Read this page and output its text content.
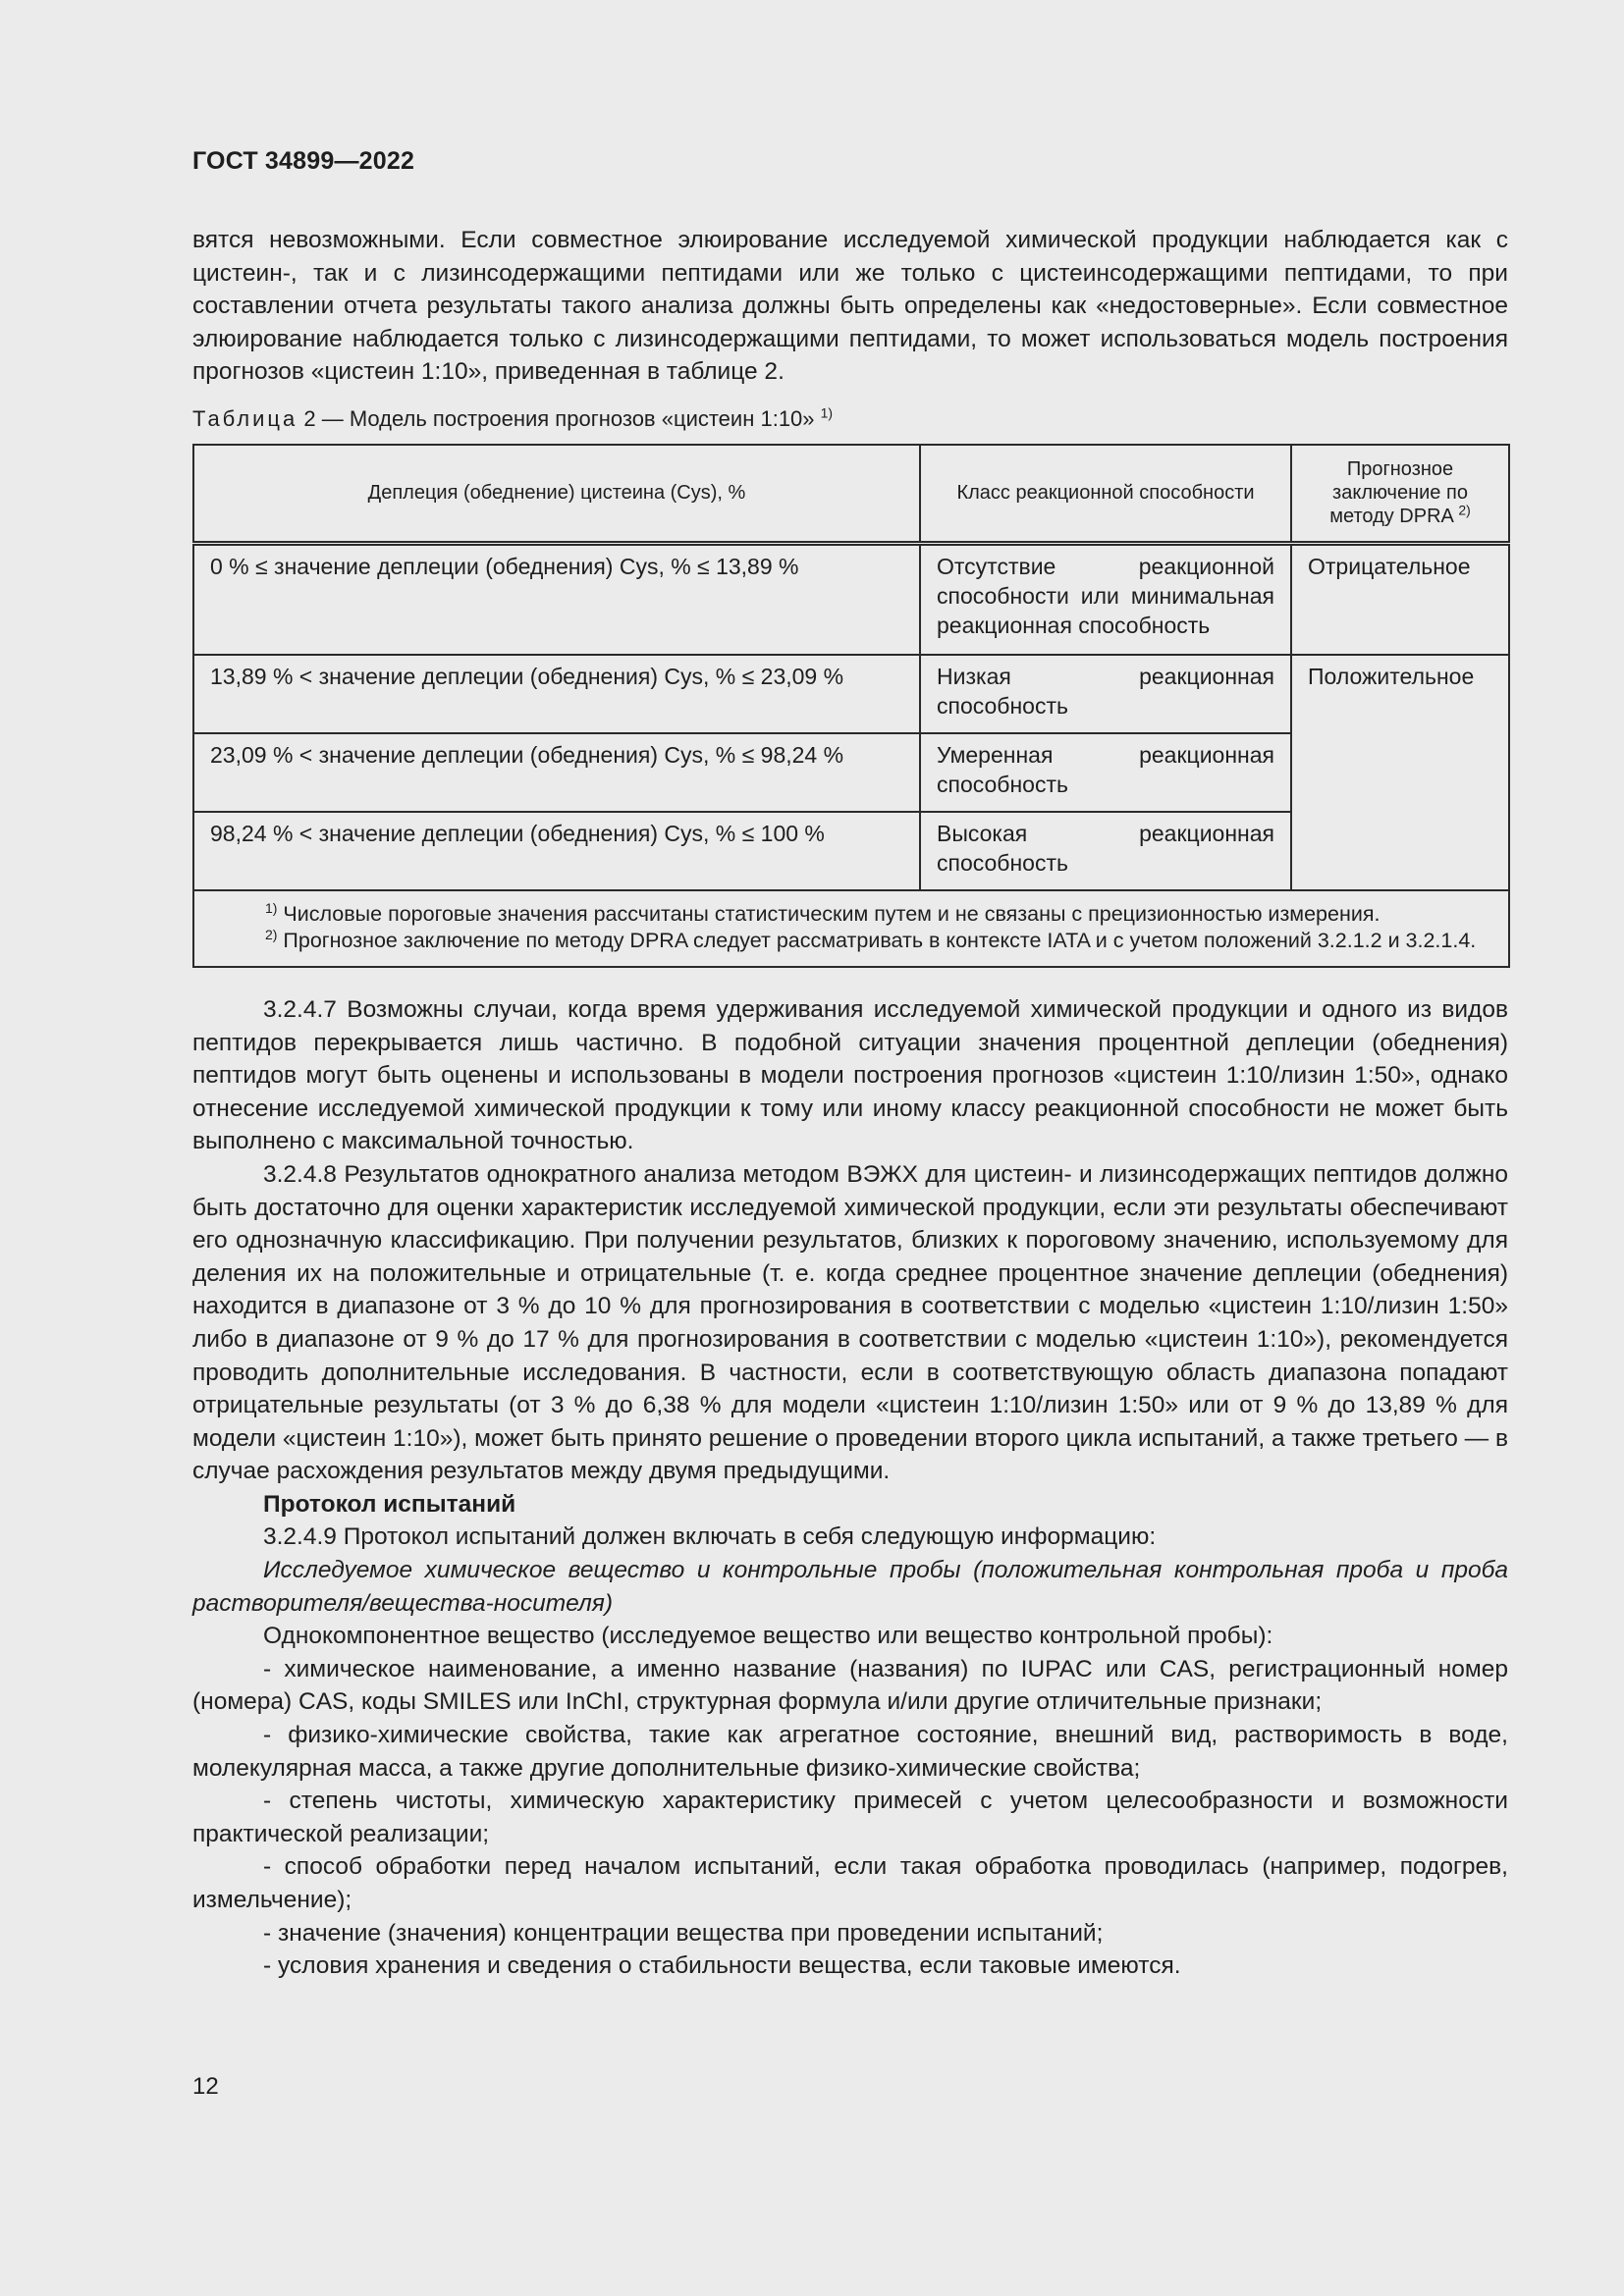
ГОСТ 34899—2022

вятся невозможными. Если совместное элюирование исследуемой химической продукции наблюдается как с цистеин-, так и с лизинсодержащими пептидами или же только с цистеинсодержащими пептидами, то при составлении отчета результаты такого анализа должны быть определены как «недостоверные». Если совместное элюирование наблюдается только с лизинсодержащими пептидами, то может использоваться модель построения прогнозов «цистеин 1:10», приведенная в таблице 2.

Таблица 2 — Модель построения прогнозов «цистеин 1:10» $^{1)}$
Деплеция (обеднение) цистеина (Cys), %	Класс реакционной способности	Прогнозное заключение по методу DPRA $^{2)}$
0 % ≤ значение деплеции (обеднения) Cys, % ≤ 13,89 %	Отсутствие реакционной способности или минимальная реакционная способность	Отрицательное
13,89 % < значение деплеции (обеднения) Cys, % ≤ 23,09 %	Низкая реакционная способность	Положительное
23,09 % < значение деплеции (обеднения) Cys, % ≤ 98,24 %	Умеренная реакционная способность	
98,24 % < значение деплеции (обеднения) Cys, % ≤ 100 %	Высокая реакционная способность	

$^{1)}$ Числовые пороговые значения рассчитаны статистическим путем и не связаны с прецизионностью измерения.
$^{2)}$ Прогнозное заключение по методу DPRA следует рассматривать в контексте IATA и с учетом положений 3.2.1.2 и 3.2.1.4.		

3.2.4.7 Возможны случаи, когда время удерживания исследуемой химической продукции и одного из видов пептидов перекрывается лишь частично. В подобной ситуации значения процентной деплеции (обеднения) пептидов могут быть оценены и использованы в модели построения прогнозов «цистеин 1:10/лизин 1:50», однако отнесение исследуемой химической продукции к тому или иному классу реакционной способности не может быть выполнено с максимальной точностью.

3.2.4.8 Результатов однократного анализа методом ВЭЖХ для цистеин- и лизинсодержащих пептидов должно быть достаточно для оценки характеристик исследуемой химической продукции, если эти результаты обеспечивают его однозначную классификацию. При получении результатов, близких к пороговому значению, используемому для деления их на положительные и отрицательные (т. е. когда среднее процентное значение деплеции (обеднения) находится в диапазоне от 3 % до 10 % для прогнозирования в соответствии с моделью «цистеин 1:10/лизин 1:50» либо в диапазоне от 9 % до 17 % для прогнозирования в соответствии с моделью «цистеин 1:10»), рекомендуется проводить дополнительные исследования. В частности, если в соответствующую область диапазона попадают отрицательные результаты (от 3 % до 6,38 % для модели «цистеин 1:10/лизин 1:50» или от 9 % до 13,89 % для модели «цистеин 1:10»), может быть принято решение о проведении второго цикла испытаний, а также третьего — в случае расхождения результатов между двумя предыдущими.

Протокол испытаний

3.2.4.9 Протокол испытаний должен включать в себя следующую информацию:

Исследуемое химическое вещество и контрольные пробы (положительная контрольная проба и проба растворителя/вещества-носителя)

Однокомпонентное вещество (исследуемое вещество или вещество контрольной пробы):

- химическое наименование, а именно название (названия) по IUPAC или CAS, регистрационный номер (номера) CAS, коды SMILES или InChI, структурная формула и/или другие отличительные признаки;

- физико-химические свойства, такие как агрегатное состояние, внешний вид, растворимость в воде, молекулярная масса, а также другие дополнительные физико-химические свойства;

- степень чистоты, химическую характеристику примесей с учетом целесообразности и возможности практической реализации;

- способ обработки перед началом испытаний, если такая обработка проводилась (например, подогрев, измельчение);

- значение (значения) концентрации вещества при проведении испытаний;

- условия хранения и сведения о стабильности вещества, если таковые имеются.

12
